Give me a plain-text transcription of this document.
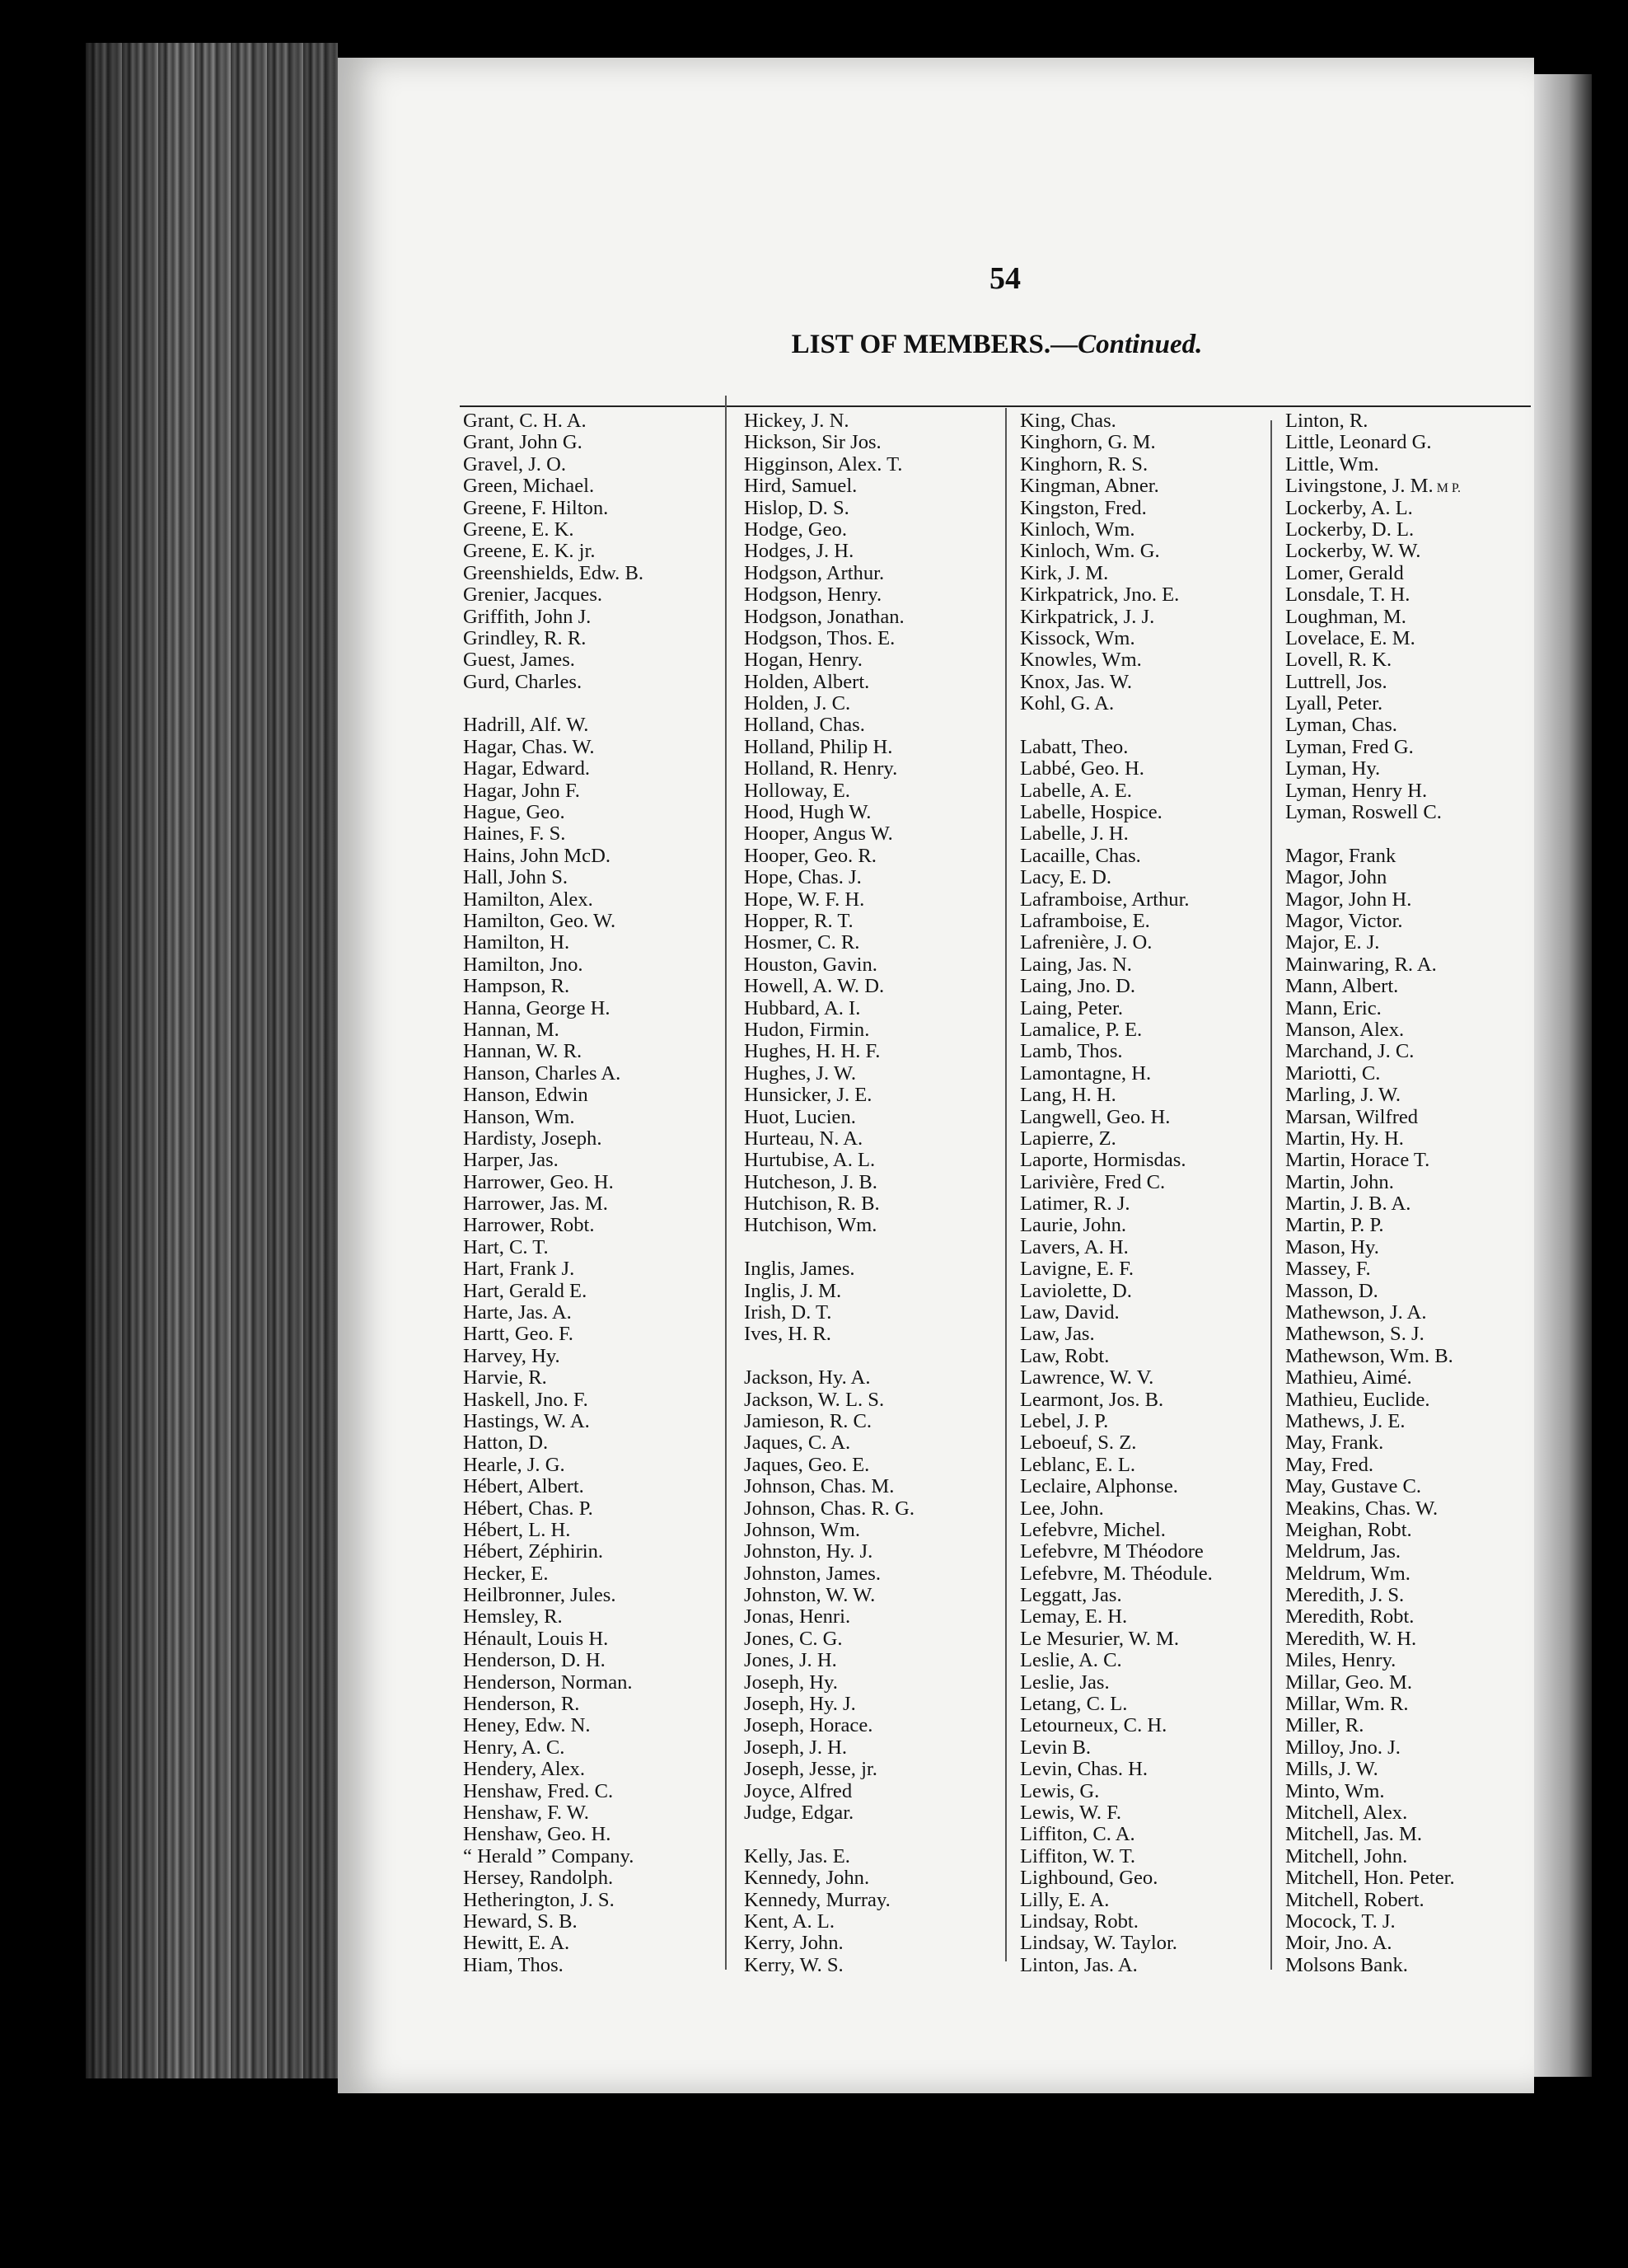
54
LIST OF MEMBERS.—Continued.
Grant, C. H. A.
Grant, John G.
Gravel, J. O.
Green, Michael.
Greene, F. Hilton.
Greene, E. K.
Greene, E. K. jr.
Greenshields, Edw. B.
Grenier, Jacques.
Griffith, John J.
Grindley, R. R.
Guest, James.
Gurd, Charles.
Hadrill, Alf. W.
Hagar, Chas. W.
Hagar, Edward.
Hagar, John F.
Hague, Geo.
Haines, F. S.
Hains, John McD.
Hall, John S.
Hamilton, Alex.
Hamilton, Geo. W.
Hamilton, H.
Hamilton, Jno.
Hampson, R.
Hanna, George H.
Hannan, M.
Hannan, W. R.
Hanson, Charles A.
Hanson, Edwin
Hanson, Wm.
Hardisty, Joseph.
Harper, Jas.
Harrower, Geo. H.
Harrower, Jas. M.
Harrower, Robt.
Hart, C. T.
Hart, Frank J.
Hart, Gerald E.
Harte, Jas. A.
Hartt, Geo. F.
Harvey, Hy.
Harvie, R.
Haskell, Jno. F.
Hastings, W. A.
Hatton, D.
Hearle, J. G.
Hébert, Albert.
Hébert, Chas. P.
Hébert, L. H.
Hébert, Zéphirin.
Hecker, E.
Heilbronner, Jules.
Hemsley, R.
Hénault, Louis H.
Henderson, D. H.
Henderson, Norman.
Henderson, R.
Heney, Edw. N.
Henry, A. C.
Hendery, Alex.
Henshaw, Fred. C.
Henshaw, F. W.
Henshaw, Geo. H.
“ Herald ” Company.
Hersey, Randolph.
Hetherington, J. S.
Heward, S. B.
Hewitt, E. A.
Hiam, Thos.
Hickey, J. N.
Hickson, Sir Jos.
Higginson, Alex. T.
Hird, Samuel.
Hislop, D. S.
Hodge, Geo.
Hodges, J. H.
Hodgson, Arthur.
Hodgson, Henry.
Hodgson, Jonathan.
Hodgson, Thos. E.
Hogan, Henry.
Holden, Albert.
Holden, J. C.
Holland, Chas.
Holland, Philip H.
Holland, R. Henry.
Holloway, E.
Hood, Hugh W.
Hooper, Angus W.
Hooper, Geo. R.
Hope, Chas. J.
Hope, W. F. H.
Hopper, R. T.
Hosmer, C. R.
Houston, Gavin.
Howell, A. W. D.
Hubbard, A. I.
Hudon, Firmin.
Hughes, H. H. F.
Hughes, J. W.
Hunsicker, J. E.
Huot, Lucien.
Hurteau, N. A.
Hurtubise, A. L.
Hutcheson, J. B.
Hutchison, R. B.
Hutchison, Wm.
Inglis, James.
Inglis, J. M.
Irish, D. T.
Ives, H. R.
Jackson, Hy. A.
Jackson, W. L. S.
Jamieson, R. C.
Jaques, C. A.
Jaques, Geo. E.
Johnson, Chas. M.
Johnson, Chas. R. G.
Johnson, Wm.
Johnston, Hy. J.
Johnston, James.
Johnston, W. W.
Jonas, Henri.
Jones, C. G.
Jones, J. H.
Joseph, Hy.
Joseph, Hy. J.
Joseph, Horace.
Joseph, J. H.
Joseph, Jesse, jr.
Joyce, Alfred
Judge, Edgar.
Kelly, Jas. E.
Kennedy, John.
Kennedy, Murray.
Kent, A. L.
Kerry, John.
Kerry, W. S.
King, Chas.
Kinghorn, G. M.
Kinghorn, R. S.
Kingman, Abner.
Kingston, Fred.
Kinloch, Wm.
Kinloch, Wm. G.
Kirk, J. M.
Kirkpatrick, Jno. E.
Kirkpatrick, J. J.
Kissock, Wm.
Knowles, Wm.
Knox, Jas. W.
Kohl, G. A.
Labatt, Theo.
Labbé, Geo. H.
Labelle, A. E.
Labelle, Hospice.
Labelle, J. H.
Lacaille, Chas.
Lacy, E. D.
Laframboise, Arthur.
Laframboise, E.
Lafrenière, J. O.
Laing, Jas. N.
Laing, Jno. D.
Laing, Peter.
Lamalice, P. E.
Lamb, Thos.
Lamontagne, H.
Lang, H. H.
Langwell, Geo. H.
Lapierre, Z.
Laporte, Hormisdas.
Larivière, Fred C.
Latimer, R. J.
Laurie, John.
Lavers, A. H.
Lavigne, E. F.
Laviolette, D.
Law, David.
Law, Jas.
Law, Robt.
Lawrence, W. V.
Learmont, Jos. B.
Lebel, J. P.
Leboeuf, S. Z.
Leblanc, E. L.
Leclaire, Alphonse.
Lee, John.
Lefebvre, Michel.
Lefebvre, M Théodore
Lefebvre, M. Théodule.
Leggatt, Jas.
Lemay, E. H.
Le Mesurier, W. M.
Leslie, A. C.
Leslie, Jas.
Letang, C. L.
Letourneux, C. H.
Levin B.
Levin, Chas. H.
Lewis, G.
Lewis, W. F.
Liffiton, C. A.
Liffiton, W. T.
Lighbound, Geo.
Lilly, E. A.
Lindsay, Robt.
Lindsay, W. Taylor.
Linton, Jas. A.
Linton, R.
Little, Leonard G.
Little, Wm.
Livingstone, J. M. M P.
Lockerby, A. L.
Lockerby, D. L.
Lockerby, W. W.
Lomer, Gerald
Lonsdale, T. H.
Loughman, M.
Lovelace, E. M.
Lovell, R. K.
Luttrell, Jos.
Lyall, Peter.
Lyman, Chas.
Lyman, Fred G.
Lyman, Hy.
Lyman, Henry H.
Lyman, Roswell C.
Magor, Frank
Magor, John
Magor, John H.
Magor, Victor.
Major, E. J.
Mainwaring, R. A.
Mann, Albert.
Mann, Eric.
Manson, Alex.
Marchand, J. C.
Mariotti, C.
Marling, J. W.
Marsan, Wilfred
Martin, Hy. H.
Martin, Horace T.
Martin, John.
Martin, J. B. A.
Martin, P. P.
Mason, Hy.
Massey, F.
Masson, D.
Mathewson, J. A.
Mathewson, S. J.
Mathewson, Wm. B.
Mathieu, Aimé.
Mathieu, Euclide.
Mathews, J. E.
May, Frank.
May, Fred.
May, Gustave C.
Meakins, Chas. W.
Meighan, Robt.
Meldrum, Jas.
Meldrum, Wm.
Meredith, J. S.
Meredith, Robt.
Meredith, W. H.
Miles, Henry.
Millar, Geo. M.
Millar, Wm. R.
Miller, R.
Milloy, Jno. J.
Mills, J. W.
Minto, Wm.
Mitchell, Alex.
Mitchell, Jas. M.
Mitchell, John.
Mitchell, Hon. Peter.
Mitchell, Robert.
Mocock, T. J.
Moir, Jno. A.
Molsons Bank.
